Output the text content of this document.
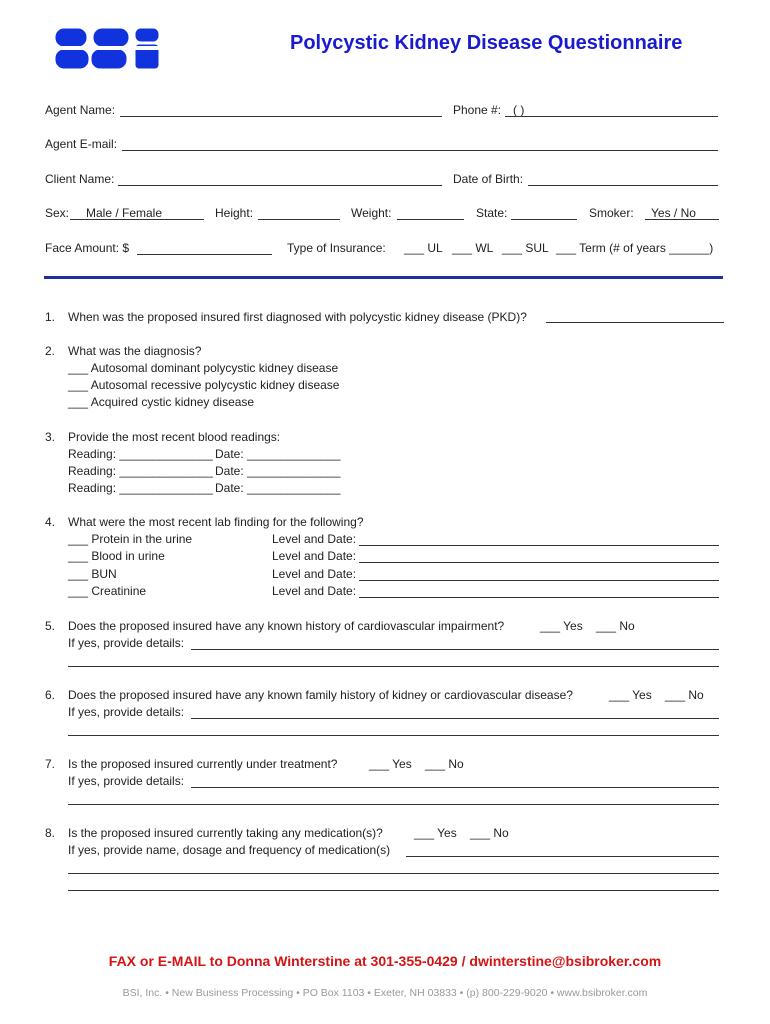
Polycystic Kidney Disease Questionnaire
Agent Name:	Phone #: ( )
Agent E-mail:
Client Name:	Date of Birth:
Sex: Male / Female	Height:	Weight:	State:	Smoker: Yes / No
Face Amount: $	Type of Insurance: ___ UL ___ WL ___ SUL ___ Term (# of years ______)
1. When was the proposed insured first diagnosed with polycystic kidney disease (PKD)?
2. What was the diagnosis?
___ Autosomal dominant polycystic kidney disease
___ Autosomal recessive polycystic kidney disease
___ Acquired cystic kidney disease
3. Provide the most recent blood readings:
Reading: ______________ Date: ______________
Reading: ______________ Date: ______________
Reading: ______________ Date: ______________
4. What were the most recent lab finding for the following?
___ Protein in the urine	Level and Date:
___ Blood in urine	Level and Date:
___ BUN	Level and Date:
___ Creatinine	Level and Date:
5. Does the proposed insured have any known history of cardiovascular impairment?	___ Yes ___ No
If yes, provide details:
6. Does the proposed insured have any known family history of kidney or cardiovascular disease?	___ Yes ___ No
If yes, provide details:
7. Is the proposed insured currently under treatment?	___ Yes ___ No
If yes, provide details:
8. Is the proposed insured currently taking any medication(s)?	___ Yes ___ No
If yes, provide name, dosage and frequency of medication(s)
FAX or E-MAIL to Donna Winterstine at 301-355-0429 / dwinterstine@bsibroker.com
BSI, Inc. • New Business Processing • PO Box 1103 • Exeter, NH 03833 • (p) 800-229-9020 • www.bsibroker.com
